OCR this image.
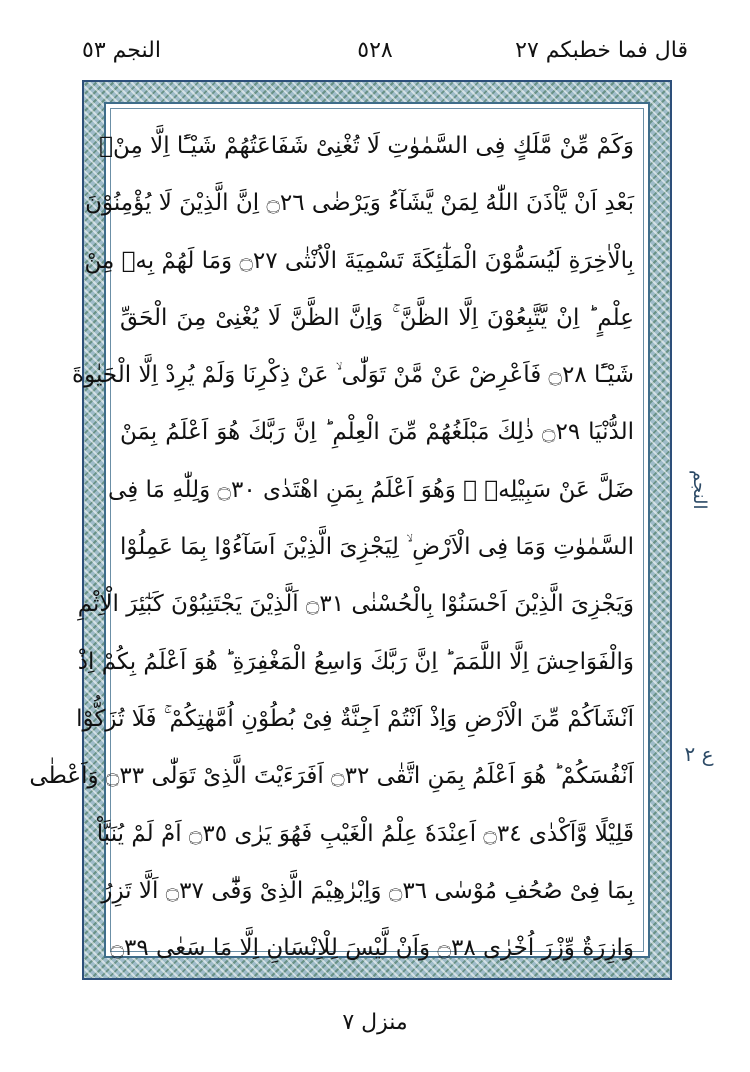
قال فما خطبكم ٢٧
٥٢٨
النجم ٥٣
وَكَمْ مِّنْ مَّلَكٍ فِى السَّمٰوٰتِ لَا تُغْنِىْ شَفَاعَتُهُمْ شَيْـًٔا اِلَّا مِنْۢ
بَعْدِ اَنْ يَّاْذَنَ اللّٰهُ لِمَنْ يَّشَآءُ وَيَرْضٰى ۝٢٦ اِنَّ الَّذِيْنَ لَا يُؤْمِنُوْنَ
بِالْاٰخِرَةِ لَيُسَمُّوْنَ الْمَلٰٓئِكَةَ تَسْمِيَةَ الْاُنْثٰى ۝٢٧ وَمَا لَهُمْ بِهٖ مِنْ
عِلْمٍ ؕ اِنْ يَّتَّبِعُوْنَ اِلَّا الظَّنَّ ۚ وَاِنَّ الظَّنَّ لَا يُغْنِىْ مِنَ الْحَقِّ
شَيْـًٔا ۝٢٨ فَاَعْرِضْ عَنْ مَّنْ تَوَلّٰى ۙ عَنْ ذِكْرِنَا وَلَمْ يُرِدْ اِلَّا الْحَيٰوةَ
الدُّنْيَا ۝٢٩ ذٰلِكَ مَبْلَغُهُمْ مِّنَ الْعِلْمِ ؕ اِنَّ رَبَّكَ هُوَ اَعْلَمُ بِمَنْ
ضَلَّ عَنْ سَبِيْلِهٖ ۙ وَهُوَ اَعْلَمُ بِمَنِ اهْتَدٰى ۝٣٠ وَلِلّٰهِ مَا فِى
السَّمٰوٰتِ وَمَا فِى الْاَرْضِ ۙ لِيَجْزِىَ الَّذِيْنَ اَسَآءُوْا بِمَا عَمِلُوْا
وَيَجْزِىَ الَّذِيْنَ اَحْسَنُوْا بِالْحُسْنٰى ۝٣١ اَلَّذِيْنَ يَجْتَنِبُوْنَ كَبٰٓئِرَ الْاِثْمِ
وَالْفَوَاحِشَ اِلَّا اللَّمَمَ ؕ اِنَّ رَبَّكَ وَاسِعُ الْمَغْفِرَةِ ؕ هُوَ اَعْلَمُ بِكُمْ اِذْ
اَنْشَاَكُمْ مِّنَ الْاَرْضِ وَاِذْ اَنْتُمْ اَجِنَّةٌ فِىْ بُطُوْنِ اُمَّهٰتِكُمْ ۚ فَلَا تُزَكُّوْا
اَنْفُسَكُمْ ؕ هُوَ اَعْلَمُ بِمَنِ اتَّقٰى ۝٣٢ اَفَرَءَيْتَ الَّذِىْ تَوَلّٰى ۝٣٣ وَاَعْطٰى
قَلِيْلًا وَّاَكْدٰى ۝٣٤ اَعِنْدَهٗ عِلْمُ الْغَيْبِ فَهُوَ يَرٰى ۝٣٥ اَمْ لَمْ يُنَبَّاْ
بِمَا فِىْ صُحُفِ مُوْسٰى ۝٣٦ وَاِبْرٰهِيْمَ الَّذِىْ وَفّٰٓى ۝٣٧ اَلَّا تَزِرُ
وَازِرَةٌ وِّزْرَ اُخْرٰى ۝٣٨ وَاَنْ لَّيْسَ لِلْاِنْسَانِ اِلَّا مَا سَعٰى ۝٣٩
النجم
ع ٢
منزل ٧
